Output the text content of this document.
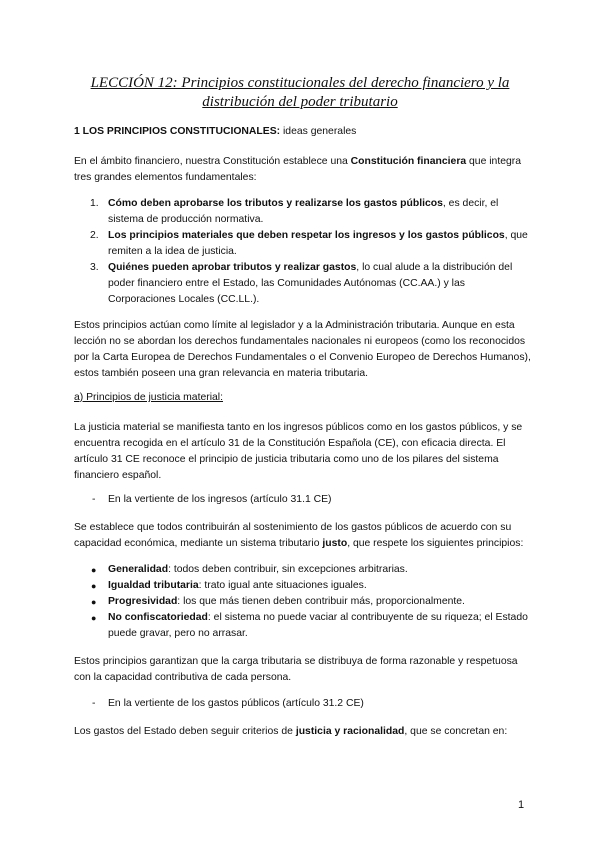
LECCIÓN 12: Principios constitucionales del derecho financiero y la
distribución del poder tributario

1 LOS PRINCIPIOS CONSTITUCIONALES: ideas generales

En el ámbito financiero, nuestra Constitución establece una Constitución financiera que integra tres grandes elementos fundamentales:

1. Cómo deben aprobarse los tributos y realizarse los gastos públicos, es decir, el sistema de producción normativa.
2. Los principios materiales que deben respetar los ingresos y los gastos públicos, que remiten a la idea de justicia.
3. Quiénes pueden aprobar tributos y realizar gastos, lo cual alude a la distribución del poder financiero entre el Estado, las Comunidades Autónomas (CC.AA.) y las Corporaciones Locales (CC.LL.).

Estos principios actúan como límite al legislador y a la Administración tributaria. Aunque en esta lección no se abordan los derechos fundamentales nacionales ni europeos (como los reconocidos por la Carta Europea de Derechos Fundamentales o el Convenio Europeo de Derechos Humanos), estos también poseen una gran relevancia en materia tributaria.

a) Principios de justicia material:

La justicia material se manifiesta tanto en los ingresos públicos como en los gastos públicos, y se encuentra recogida en el artículo 31 de la Constitución Española (CE), con eficacia directa. El artículo 31 CE reconoce el principio de justicia tributaria como uno de los pilares del sistema financiero español.

- En la vertiente de los ingresos (artículo 31.1 CE)

Se establece que todos contribuirán al sostenimiento de los gastos públicos de acuerdo con su capacidad económica, mediante un sistema tributario justo, que respete los siguientes principios:

● Generalidad: todos deben contribuir, sin excepciones arbitrarias.
● Igualdad tributaria: trato igual ante situaciones iguales.
● Progresividad: los que más tienen deben contribuir más, proporcionalmente.
● No confiscatoriedad: el sistema no puede vaciar al contribuyente de su riqueza; el Estado puede gravar, pero no arrasar.

Estos principios garantizan que la carga tributaria se distribuya de forma razonable y respetuosa con la capacidad contributiva de cada persona.

- En la vertiente de los gastos públicos (artículo 31.2 CE)

Los gastos del Estado deben seguir criterios de justicia y racionalidad, que se concretan en:

1
